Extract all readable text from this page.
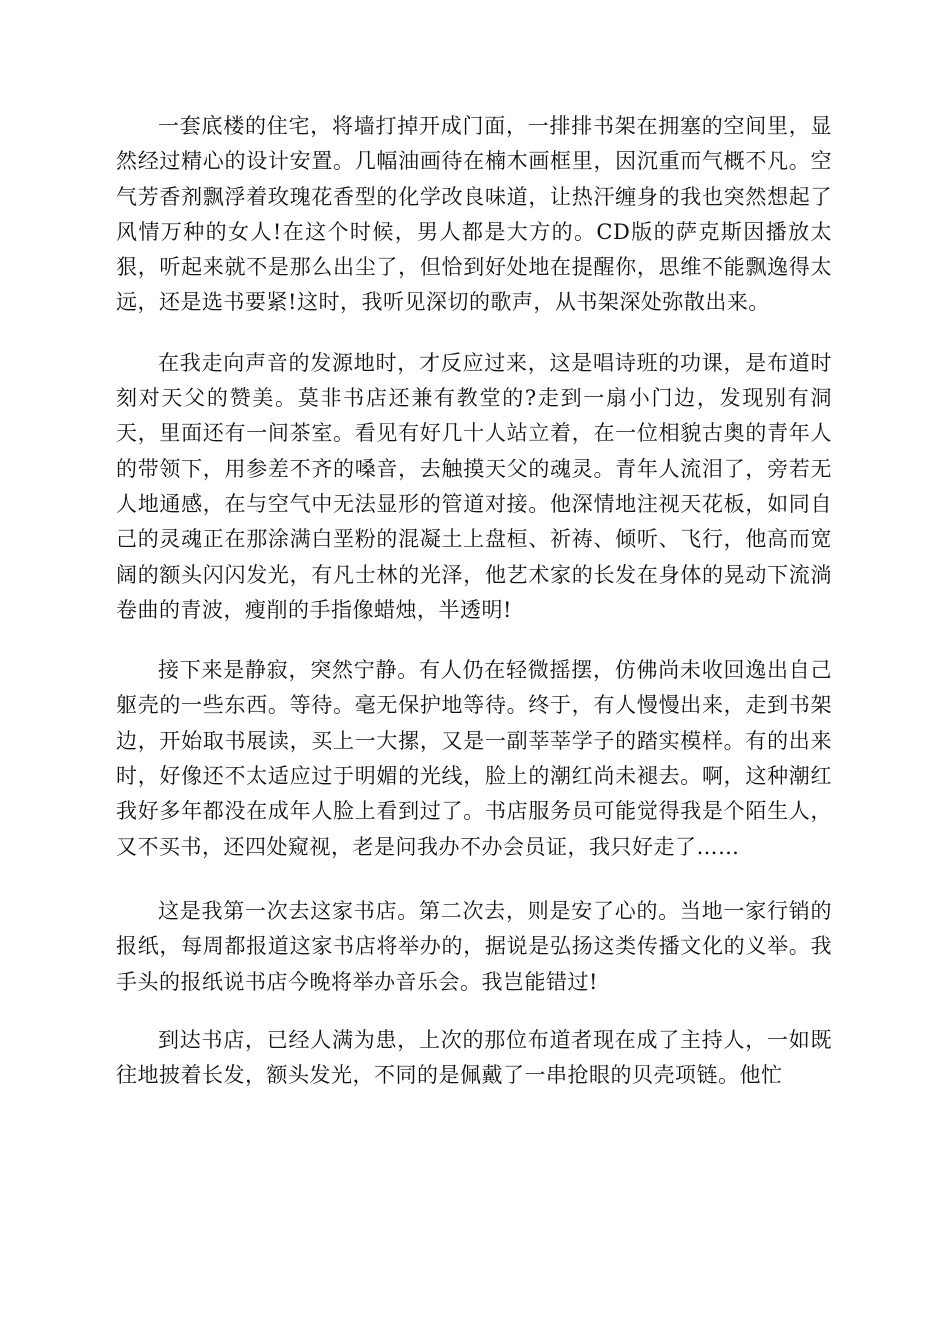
一套底楼的住宅，将墙打掉开成门面，一排排书架在拥塞的空间里，显然经过精心的设计安置。几幅油画待在楠木画框里，因沉重而气概不凡。空气芳香剂飘浮着玫瑰花香型的化学改良味道，让热汗缠身的我也突然想起了风情万种的女人!在这个时候，男人都是大方的。CD版的萨克斯因播放太狠，听起来就不是那么出尘了，但恰到好处地在提醒你，思维不能飘逸得太远，还是选书要紧!这时，我听见深切的歌声，从书架深处弥散出来。

在我走向声音的发源地时，才反应过来，这是唱诗班的功课，是布道时刻对天父的赞美。莫非书店还兼有教堂的?走到一扇小门边，发现别有洞天，里面还有一间茶室。看见有好几十人站立着，在一位相貌古奥的青年人的带领下，用参差不齐的嗓音，去触摸天父的魂灵。青年人流泪了，旁若无人地通感，在与空气中无法显形的管道对接。他深情地注视天花板，如同自己的灵魂正在那涂满白垩粉的混凝土上盘桓、祈祷、倾听、飞行，他高而宽阔的额头闪闪发光，有凡士林的光泽，他艺术家的长发在身体的晃动下流淌卷曲的青波，瘦削的手指像蜡烛，半透明!

接下来是静寂，突然宁静。有人仍在轻微摇摆，仿佛尚未收回逸出自己躯壳的一些东西。等待。毫无保护地等待。终于，有人慢慢出来，走到书架边，开始取书展读，买上一大摞，又是一副莘莘学子的踏实模样。有的出来时，好像还不太适应过于明媚的光线，脸上的潮红尚未褪去。啊，这种潮红我好多年都没在成年人脸上看到过了。书店服务员可能觉得我是个陌生人，又不买书，还四处窥视，老是问我办不办会员证，我只好走了……

这是我第一次去这家书店。第二次去，则是安了心的。当地一家行销的报纸，每周都报道这家书店将举办的，据说是弘扬这类传播文化的义举。我手头的报纸说书店今晚将举办音乐会。我岂能错过!

到达书店，已经人满为患，上次的那位布道者现在成了主持人，一如既往地披着长发，额头发光，不同的是佩戴了一串抢眼的贝壳项链。他忙
